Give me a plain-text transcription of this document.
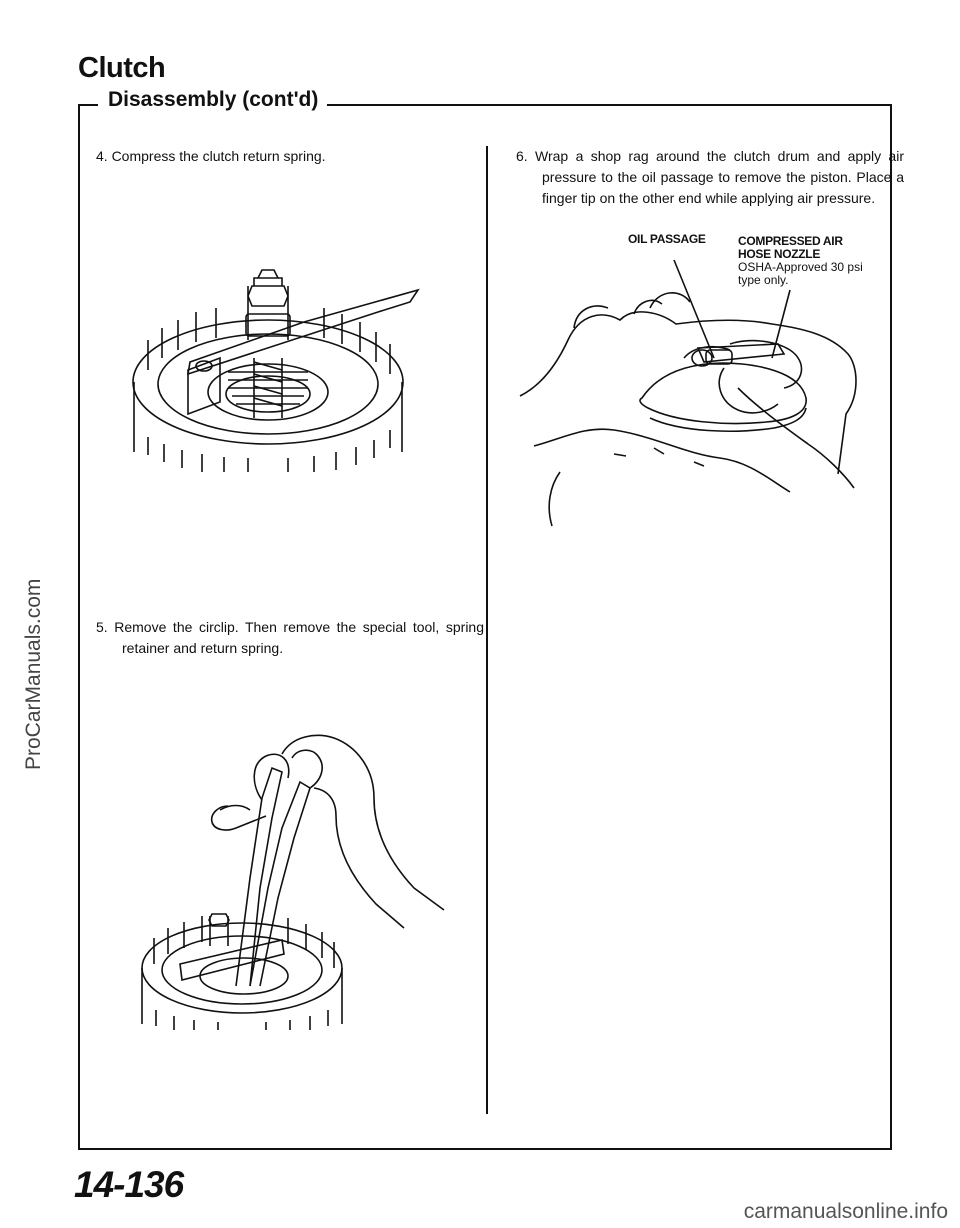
Clutch
Disassembly (cont'd)

4. Compress the clutch return spring.

5. Remove the circlip. Then remove the special tool, spring retainer and return spring.

6. Wrap a shop rag around the clutch drum and apply air pressure to the oil passage to remove the piston. Place a finger tip on the other end while applying air pressure.

OIL PASSAGE	COMPRESSED AIR
HOSE NOZZLE
OSHA-Approved 30 psi
type only.
ProCarManuals.com

14-136

carmanualsonline.info
